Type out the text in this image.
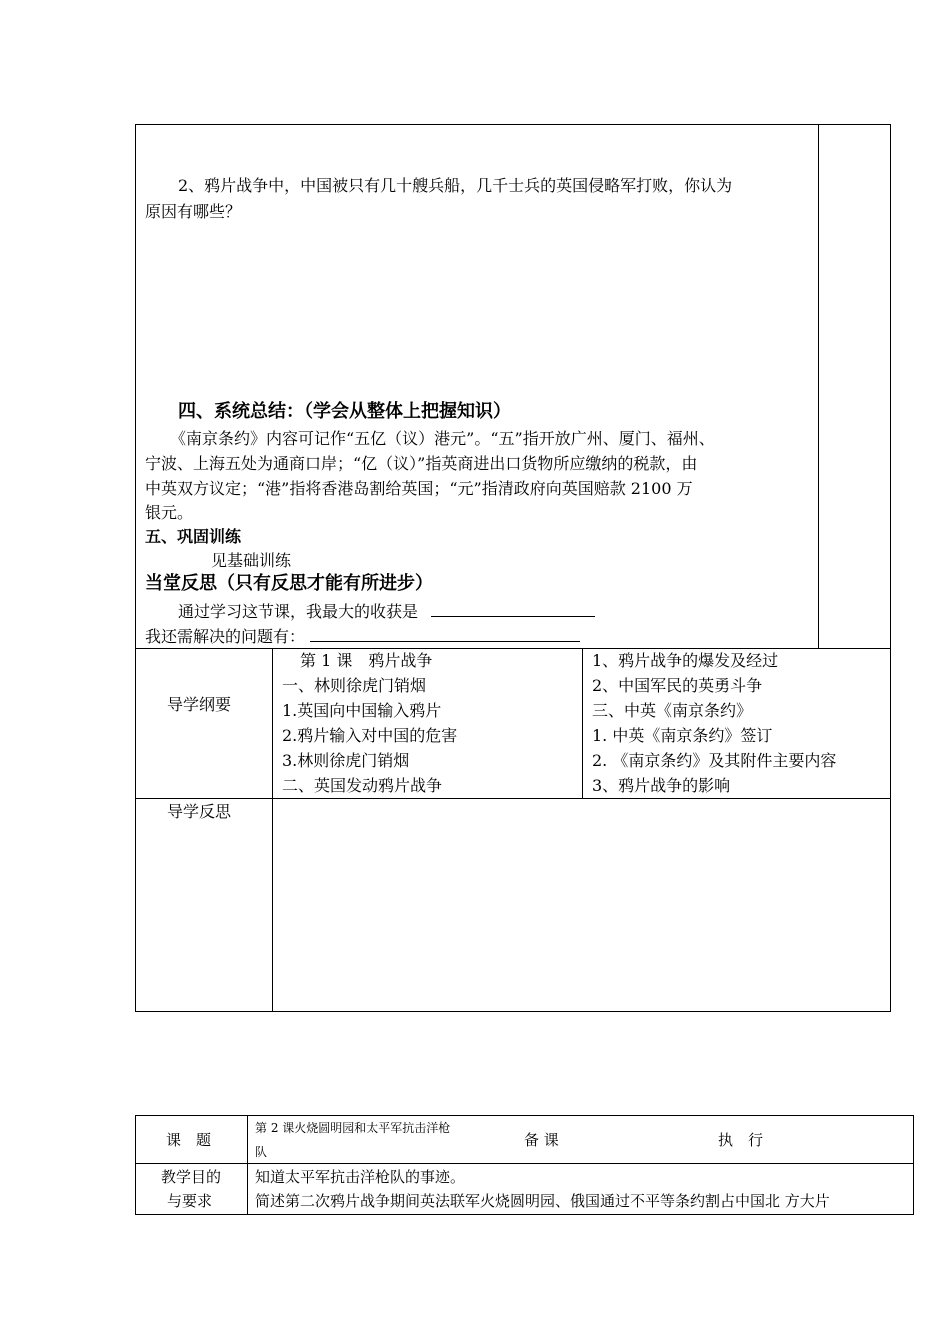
2、鸦片战争中，中国被只有几十艘兵船，几千士兵的英国侵略军打败，你认为
原因有哪些？
四、系统总结：（学会从整体上把握知识）
《南京条约》内容可记作“五亿（议）港元”。“五”指开放广州、厦门、福州、
宁波、上海五处为通商口岸；“亿（议）”指英商进出口货物所应缴纳的税款，由
中英双方议定；“港”指将香港岛割给英国；“元”指清政府向英国赔款 2100 万
银元。
五、巩固训练
见基础训练
当堂反思（只有反思才能有所进步）
通过学习这节课，我最大的收获是
我还需解决的问题有：
导学纲要
第 1 课　鸦片战争
一、林则徐虎门销烟
1.英国向中国输入鸦片
2.鸦片输入对中国的危害
3.林则徐虎门销烟
二、英国发动鸦片战争
1、鸦片战争的爆发及经过
2、中国军民的英勇斗争
三、中英《南京条约》
1. 中英《南京条约》签订
2. 《南京条约》及其附件主要内容
3、鸦片战争的影响
导学反思
课　题
第 2 课火烧圆明园和太平军抗击洋枪
队
备 课	执　行
教学目的
与要求
知道太平军抗击洋枪队的事迹。
简述第二次鸦片战争期间英法联军火烧圆明园、俄国通过不平等条约割占中国北 方大片
